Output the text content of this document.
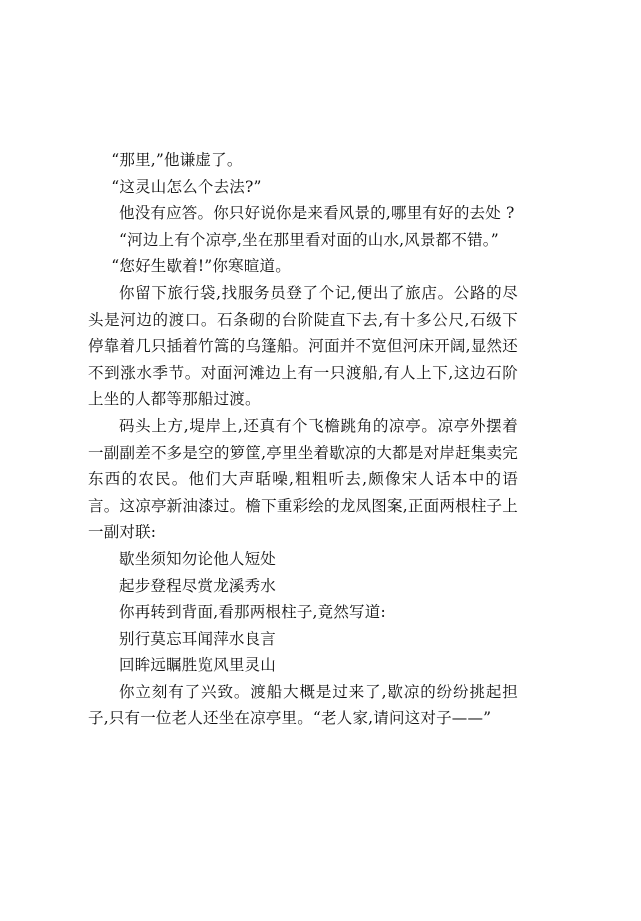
“那里,”他谦虚了。

“这灵山怎么个去法?”

他没有应答。你只好说你是来看风景的,哪里有好的去处 ?

“河边上有个凉亭,坐在那里看对面的山水,风景都不错。”

“您好生歇着!”你寒暄道。

你留下旅行袋,找服务员登了个记,便出了旅店。公路的尽头是河边的渡口。石条砌的台阶陡直下去,有十多公尺,石级下停靠着几只插着竹篙的乌篷船。河面并不宽但河床开阔,显然还不到涨水季节。对面河滩边上有一只渡船,有人上下,这边石阶上坐的人都等那船过渡。

码头上方,堤岸上,还真有个飞檐跳角的凉亭。凉亭外摆着一副副差不多是空的箩筐,亭里坐着歇凉的大都是对岸赶集卖完东西的农民。他们大声聒噪,粗粗听去,颇像宋人话本中的语言。这凉亭新油漆过。檐下重彩绘的龙凤图案,正面两根柱子上一副对联:

歇坐须知勿论他人短处

起步登程尽赏龙溪秀水

你再转到背面,看那两根柱子,竟然写道:

别行莫忘耳闻萍水良言

回眸远瞩胜览风里灵山

你立刻有了兴致。渡船大概是过来了,歇凉的纷纷挑起担子,只有一位老人还坐在凉亭里。“老人家,请问这对子——”
